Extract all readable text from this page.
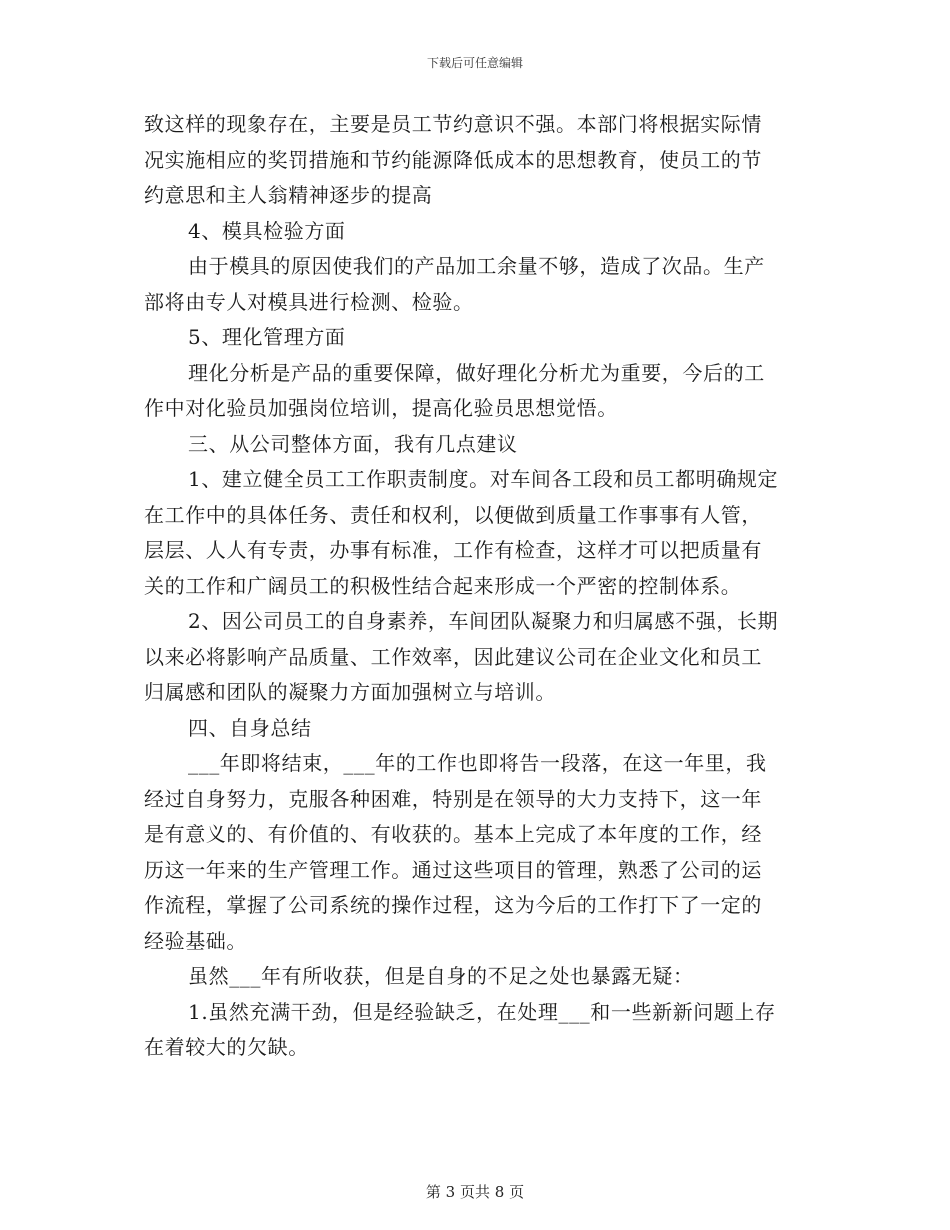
下载后可任意编辑
致这样的现象存在，主要是员工节约意识不强。本部门将根据实际情
况实施相应的奖罚措施和节约能源降低成本的思想教育，使员工的节
约意思和主人翁精神逐步的提高
4、模具检验方面
由于模具的原因使我们的产品加工余量不够，造成了次品。生产
部将由专人对模具进行检测、检验。
5、理化管理方面
理化分析是产品的重要保障，做好理化分析尤为重要，今后的工
作中对化验员加强岗位培训，提高化验员思想觉悟。
三、从公司整体方面，我有几点建议
1、建立健全员工工作职责制度。对车间各工段和员工都明确规定
在工作中的具体任务、责任和权利，以便做到质量工作事事有人管，
层层、人人有专责，办事有标准，工作有检查，这样才可以把质量有
关的工作和广阔员工的积极性结合起来形成一个严密的控制体系。
2、因公司员工的自身素养，车间团队凝聚力和归属感不强，长期
以来必将影响产品质量、工作效率，因此建议公司在企业文化和员工
归属感和团队的凝聚力方面加强树立与培训。
四、自身总结
___年即将结束，___年的工作也即将告一段落，在这一年里，我
经过自身努力，克服各种困难，特别是在领导的大力支持下，这一年
是有意义的、有价值的、有收获的。基本上完成了本年度的工作，经
历这一年来的生产管理工作。通过这些项目的管理，熟悉了公司的运
作流程，掌握了公司系统的操作过程，这为今后的工作打下了一定的
经验基础。
虽然___年有所收获，但是自身的不足之处也暴露无疑：
1.虽然充满干劲，但是经验缺乏，在处理___和一些新新问题上存
在着较大的欠缺。
第 3 页共 8 页
